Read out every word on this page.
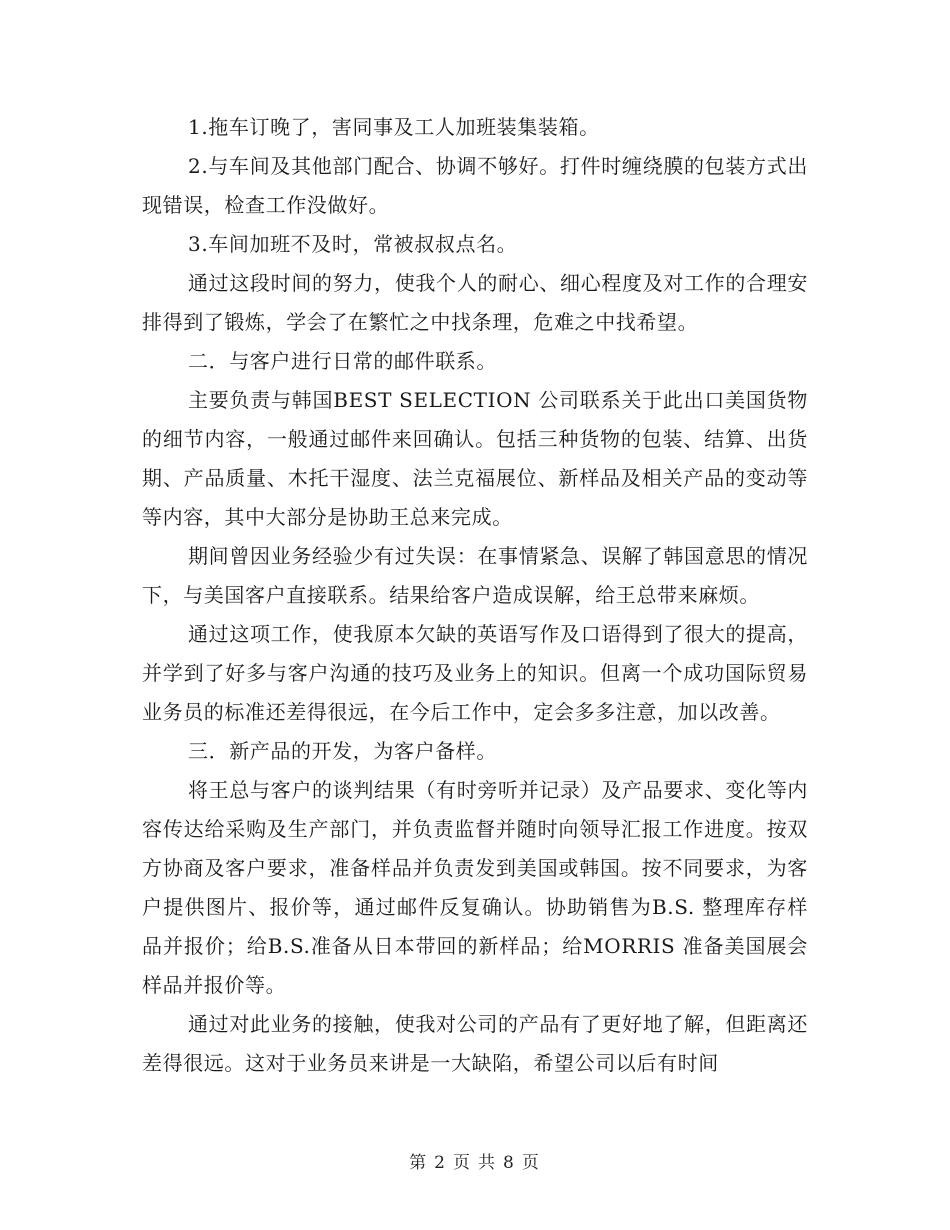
1.拖车订晚了，害同事及工人加班装集装箱。

2.与车间及其他部门配合、协调不够好。打件时缠绕膜的包装方式出现错误，检查工作没做好。

3.车间加班不及时，常被叔叔点名。

通过这段时间的努力，使我个人的耐心、细心程度及对工作的合理安排得到了锻炼，学会了在繁忙之中找条理，危难之中找希望。

二．与客户进行日常的邮件联系。

主要负责与韩国BEST SELECTION 公司联系关于此出口美国货物的细节内容，一般通过邮件来回确认。包括三种货物的包装、结算、出货期、产品质量、木托干湿度、法兰克福展位、新样品及相关产品的变动等等内容，其中大部分是协助王总来完成。

期间曾因业务经验少有过失误：在事情紧急、误解了韩国意思的情况下，与美国客户直接联系。结果给客户造成误解，给王总带来麻烦。

通过这项工作，使我原本欠缺的英语写作及口语得到了很大的提高，并学到了好多与客户沟通的技巧及业务上的知识。但离一个成功国际贸易业务员的标准还差得很远，在今后工作中，定会多多注意，加以改善。

三．新产品的开发，为客户备样。

将王总与客户的谈判结果（有时旁听并记录）及产品要求、变化等内容传达给采购及生产部门，并负责监督并随时向领导汇报工作进度。按双方协商及客户要求，准备样品并负责发到美国或韩国。按不同要求，为客户提供图片、报价等，通过邮件反复确认。协助销售为B.S. 整理库存样品并报价；给B.S.准备从日本带回的新样品；给MORRIS 准备美国展会样品并报价等。

通过对此业务的接触，使我对公司的产品有了更好地了解，但距离还差得很远。这对于业务员来讲是一大缺陷，希望公司以后有时间

第 2 页 共 8 页
